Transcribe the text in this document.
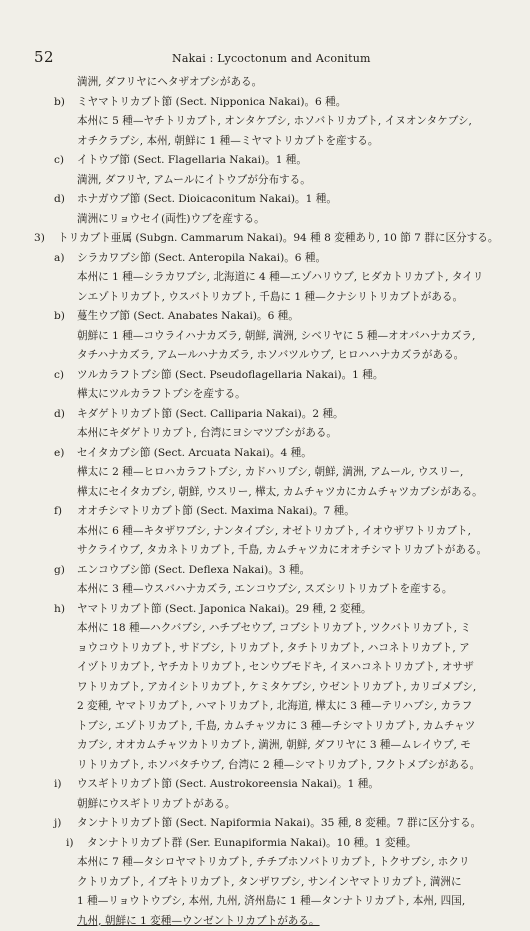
52	Nakai : Lycoctonum and Aconitum
満洲, ダフリヤにヘタザオブシがある。
b)	ミヤマトリカブト節 (Sect. Nipponica Nakai)。6 種。
本州に 5 種—ヤチトリカブト, オンタケブシ, ホソバトリカブト, イヌオンタケブシ,
オチクラブシ, 本州, 朝鮮に 1 種—ミヤマトリカブトを産する。
c)	イトウブ節 (Sect. Flagellaria Nakai)。1 種。
満洲, ダフリヤ, アムールにイトウブが分布する。
d)	ホナガウブ節 (Sect. Dioicaconitum Nakai)。1 種。
満洲にリョウセイ(両性)ウブを産する。
3)	トリカブト亜属 (Subgn. Cammarum Nakai)。94 種 8 変種あり, 10 節 7 群に区分する。
a)	シラカワブシ節 (Sect. Anteropila Nakai)。6 種。
本州に 1 種—シラカワブシ, 北海道に 4 種—エゾハリウブ, ヒダカトリカブト, タイリ
ンエゾトリカブト, ウスバトリカブト, 千島に 1 種—クナシリトリカブトがある。
b)	蔓生ウブ節 (Sect. Anabates Nakai)。6 種。
朝鮮に 1 種—コウライハナカズラ, 朝鮮, 満洲, シベリヤに 5 種—オオバハナカズラ,
タチハナカズラ, アムールハナカズラ, ホソバツルウブ, ヒロハハナカズラがある。
c)	ツルカラフトブシ節 (Sect. Pseudoflagellaria Nakai)。1 種。
樺太にツルカラフトブシを産する。
d)	キダゲトリカブト節 (Sect. Calliparia Nakai)。2 種。
本州にキダゲトリカブト, 台湾にヨシマツブシがある。
e)	セイタカブシ節 (Sect. Arcuata Nakai)。4 種。
樺太に 2 種—ヒロハカラフトブシ, カドハリブシ, 朝鮮, 満洲, アムール, ウスリー,
樺太にセイタカブシ, 朝鮮, ウスリー, 樺太, カムチャツカにカムチャツカブシがある。
f)	オオチシマトリカブト節 (Sect. Maxima Nakai)。7 種。
本州に 6 種—キタザワブシ, ナンタイブシ, オゼトリカブト, イオウザワトリカブト,
サクライウブ, タカネトリカブト, 千島, カムチャツカにオオチシマトリカブトがある。
g)	エンコウブシ節 (Sect. Deflexa Nakai)。3 種。
本州に 3 種—ウスバハナカズラ, エンコウブシ, スズシリトリカブトを産する。
h)	ヤマトリカブト節 (Sect. Japonica Nakai)。29 種, 2 変種。
本州に 18 種—ハクバブシ, ハチブセウブ, コブシトリカブト, ツクバトリカブト, ミ
ョウコウトリカブト, サドブシ, トリカブト, タチトリカブト, ハコネトリカブト, ア
イヅトリカブト, ヤチカトリカブト, センウブモドキ, イヌハコネトリカブト, オサザ
ワトリカブト, アカイシトリカブト, ケミタケブシ, ウゼントリカブト, カリゴメブシ,
2 変種, ヤマトリカブト, ハマトリカブト, 北海道, 樺太に 3 種—テリハブシ, カラフ
トブシ, エゾトリカブト, 千島, カムチャツカに 3 種—チシマトリカブト, カムチャツ
カブシ, オオカムチャツカトリカブト, 満洲, 朝鮮, ダフリヤに 3 種—ムレイウブ, モ
リトリカブト, ホソバタチウブ, 台湾に 2 種—シマトリカブト, フクトメブシがある。
i)	ウスギトリカブト節 (Sect. Austrokoreensia Nakai)。1 種。
朝鮮にウスギトリカブトがある。
j)	タンナトリカブト節 (Sect. Napiformia Nakai)。35 種, 8 変種。7 群に区分する。
i)	タンナトリカブト群 (Ser. Eunapiformia Nakai)。10 種。1 変種。
本州に 7 種—タシロヤマトリカブト, チチブホソバトリカブト, トクサブシ, ホクリ
クトリカブト, イブキトリカブト, タンザワブシ, サンインヤマトリカブト, 満洲に
1 種—リョウトウブシ, 本州, 九州, 済州島に 1 種—タンナトリカブト, 本州, 四国,
九州, 朝鮮に 1 変種—ウンゼントリカブトがある。
